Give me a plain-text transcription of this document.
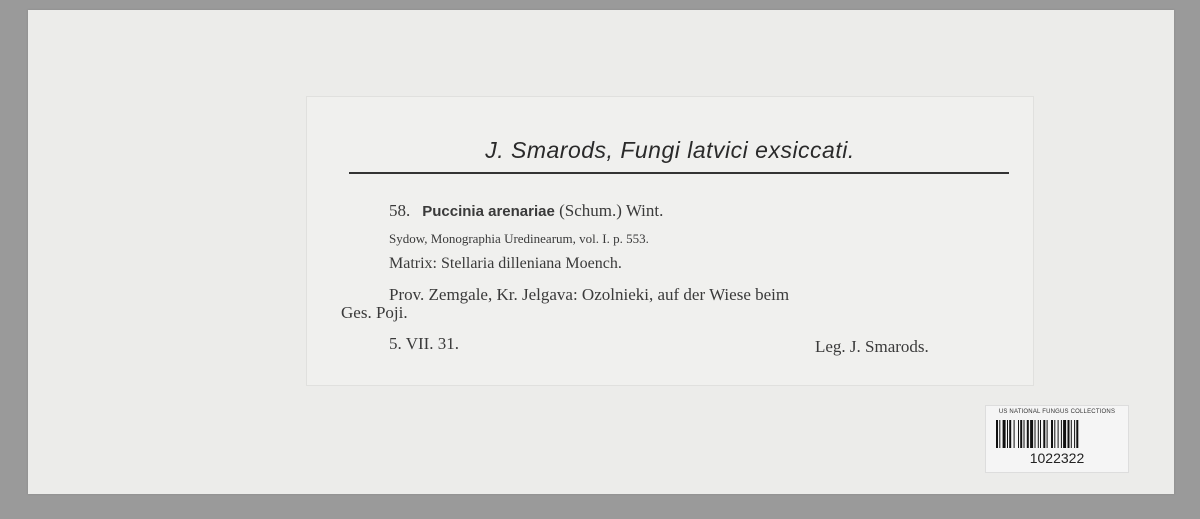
J. Smarods, Fungi latvici exsiccati.
58. Puccinia arenariae (Schum.) Wint.
Sydow, Monographia Uredinearum, vol. I. p. 553.
Matrix: Stellaria dilleniana Moench.
Prov. Zemgale, Kr. Jelgava: Ozolnieki, auf der Wiese beim
Ges. Poji.
5. VII. 31.	Leg. J. Smarods.
US NATIONAL FUNGUS COLLECTIONS
1022322
